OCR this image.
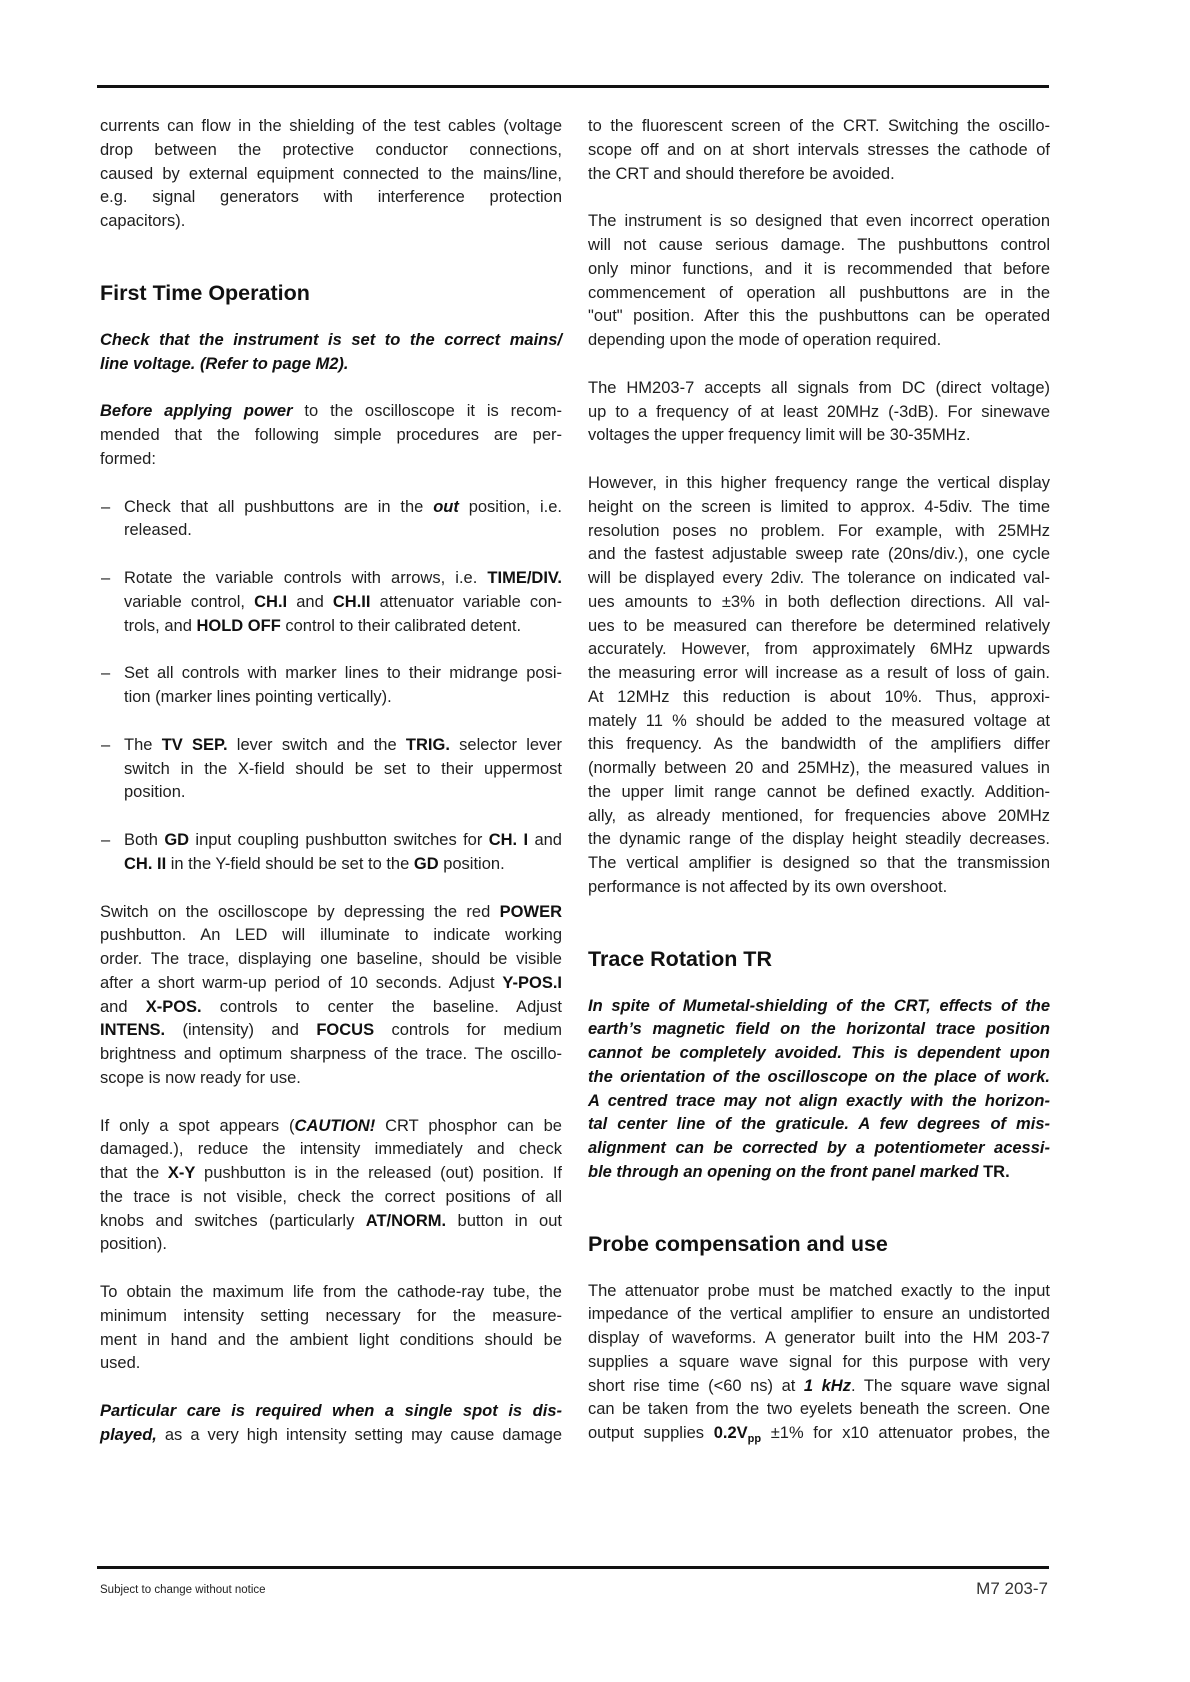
currents can flow in the shielding of the test cables (voltage
drop between the protective conductor connections,
caused by external equipment connected to the mains/line,
e.g. signal generators with interference protection
capacitors).
First Time Operation
Check that the instrument is set to the correct mains/
line voltage. (Refer to page M2).
Before applying power to the oscilloscope it is recom-
mended that the following simple procedures are per-
formed:
– Check that all pushbuttons are in the out position, i.e.
released.
– Rotate the variable controls with arrows, i.e. TIME/DIV.
variable control, CH.I and CH.II attenuator variable con-
trols, and HOLD OFF control to their calibrated detent.
– Set all controls with marker lines to their midrange posi-
tion (marker lines pointing vertically).
– The TV SEP. lever switch and the TRIG. selector lever
switch in the X-field should be set to their uppermost
position.
– Both GD input coupling pushbutton switches for CH. I and
CH. II in the Y-field should be set to the GD position.
Switch on the oscilloscope by depressing the red POWER
pushbutton. An LED will illuminate to indicate working
order. The trace, displaying one baseline, should be visible
after a short warm-up period of 10 seconds. Adjust Y-POS.I
and X-POS. controls to center the baseline. Adjust
INTENS. (intensity) and FOCUS controls for medium
brightness and optimum sharpness of the trace. The oscillo-
scope is now ready for use.
If only a spot appears (CAUTION! CRT phosphor can be
damaged.), reduce the intensity immediately and check
that the X-Y pushbutton is in the released (out) position. If
the trace is not visible, check the correct positions of all
knobs and switches (particularly AT/NORM. button in out
position).
To obtain the maximum life from the cathode-ray tube, the
minimum intensity setting necessary for the measure-
ment in hand and the ambient light conditions should be
used.
Particular care is required when a single spot is dis-
played, as a very high intensity setting may cause damage
to the fluorescent screen of the CRT. Switching the oscillo-
scope off and on at short intervals stresses the cathode of
the CRT and should therefore be avoided.
The instrument is so designed that even incorrect operation
will not cause serious damage. The pushbuttons control
only minor functions, and it is recommended that before
commencement of operation all pushbuttons are in the
"out" position. After this the pushbuttons can be operated
depending upon the mode of operation required.
The HM203-7 accepts all signals from DC (direct voltage)
up to a frequency of at least 20MHz (-3dB). For sinewave
voltages the upper frequency limit will be 30-35MHz.
However, in this higher frequency range the vertical display
height on the screen is limited to approx. 4-5div. The time
resolution poses no problem. For example, with 25MHz
and the fastest adjustable sweep rate (20ns/div.), one cycle
will be displayed every 2div. The tolerance on indicated val-
ues amounts to ±3% in both deflection directions. All val-
ues to be measured can therefore be determined relatively
accurately. However, from approximately 6MHz upwards
the measuring error will increase as a result of loss of gain.
At 12MHz this reduction is about 10%. Thus, approxi-
mately 11 % should be added to the measured voltage at
this frequency. As the bandwidth of the amplifiers differ
(normally between 20 and 25MHz), the measured values in
the upper limit range cannot be defined exactly. Addition-
ally, as already mentioned, for frequencies above 20MHz
the dynamic range of the display height steadily decreases.
The vertical amplifier is designed so that the transmission
performance is not affected by its own overshoot.
Trace Rotation TR
In spite of Mumetal-shielding of the CRT, effects of the
earth’s magnetic field on the horizontal trace position
cannot be completely avoided. This is dependent upon
the orientation of the oscilloscope on the place of work.
A centred trace may not align exactly with the horizon-
tal center line of the graticule. A few degrees of mis-
alignment can be corrected by a potentiometer acessi-
ble through an opening on the front panel marked TR.
Probe compensation and use
The attenuator probe must be matched exactly to the input
impedance of the vertical amplifier to ensure an undistorted
display of waveforms. A generator built into the HM 203-7
supplies a square wave signal for this purpose with very
short rise time (<60 ns) at 1 kHz. The square wave signal
can be taken from the two eyelets beneath the screen. One
output supplies $0.2V_{pp} \pm 1\%$ for x10 attenuator probes, the
Subject to change without notice	M7 203-7
